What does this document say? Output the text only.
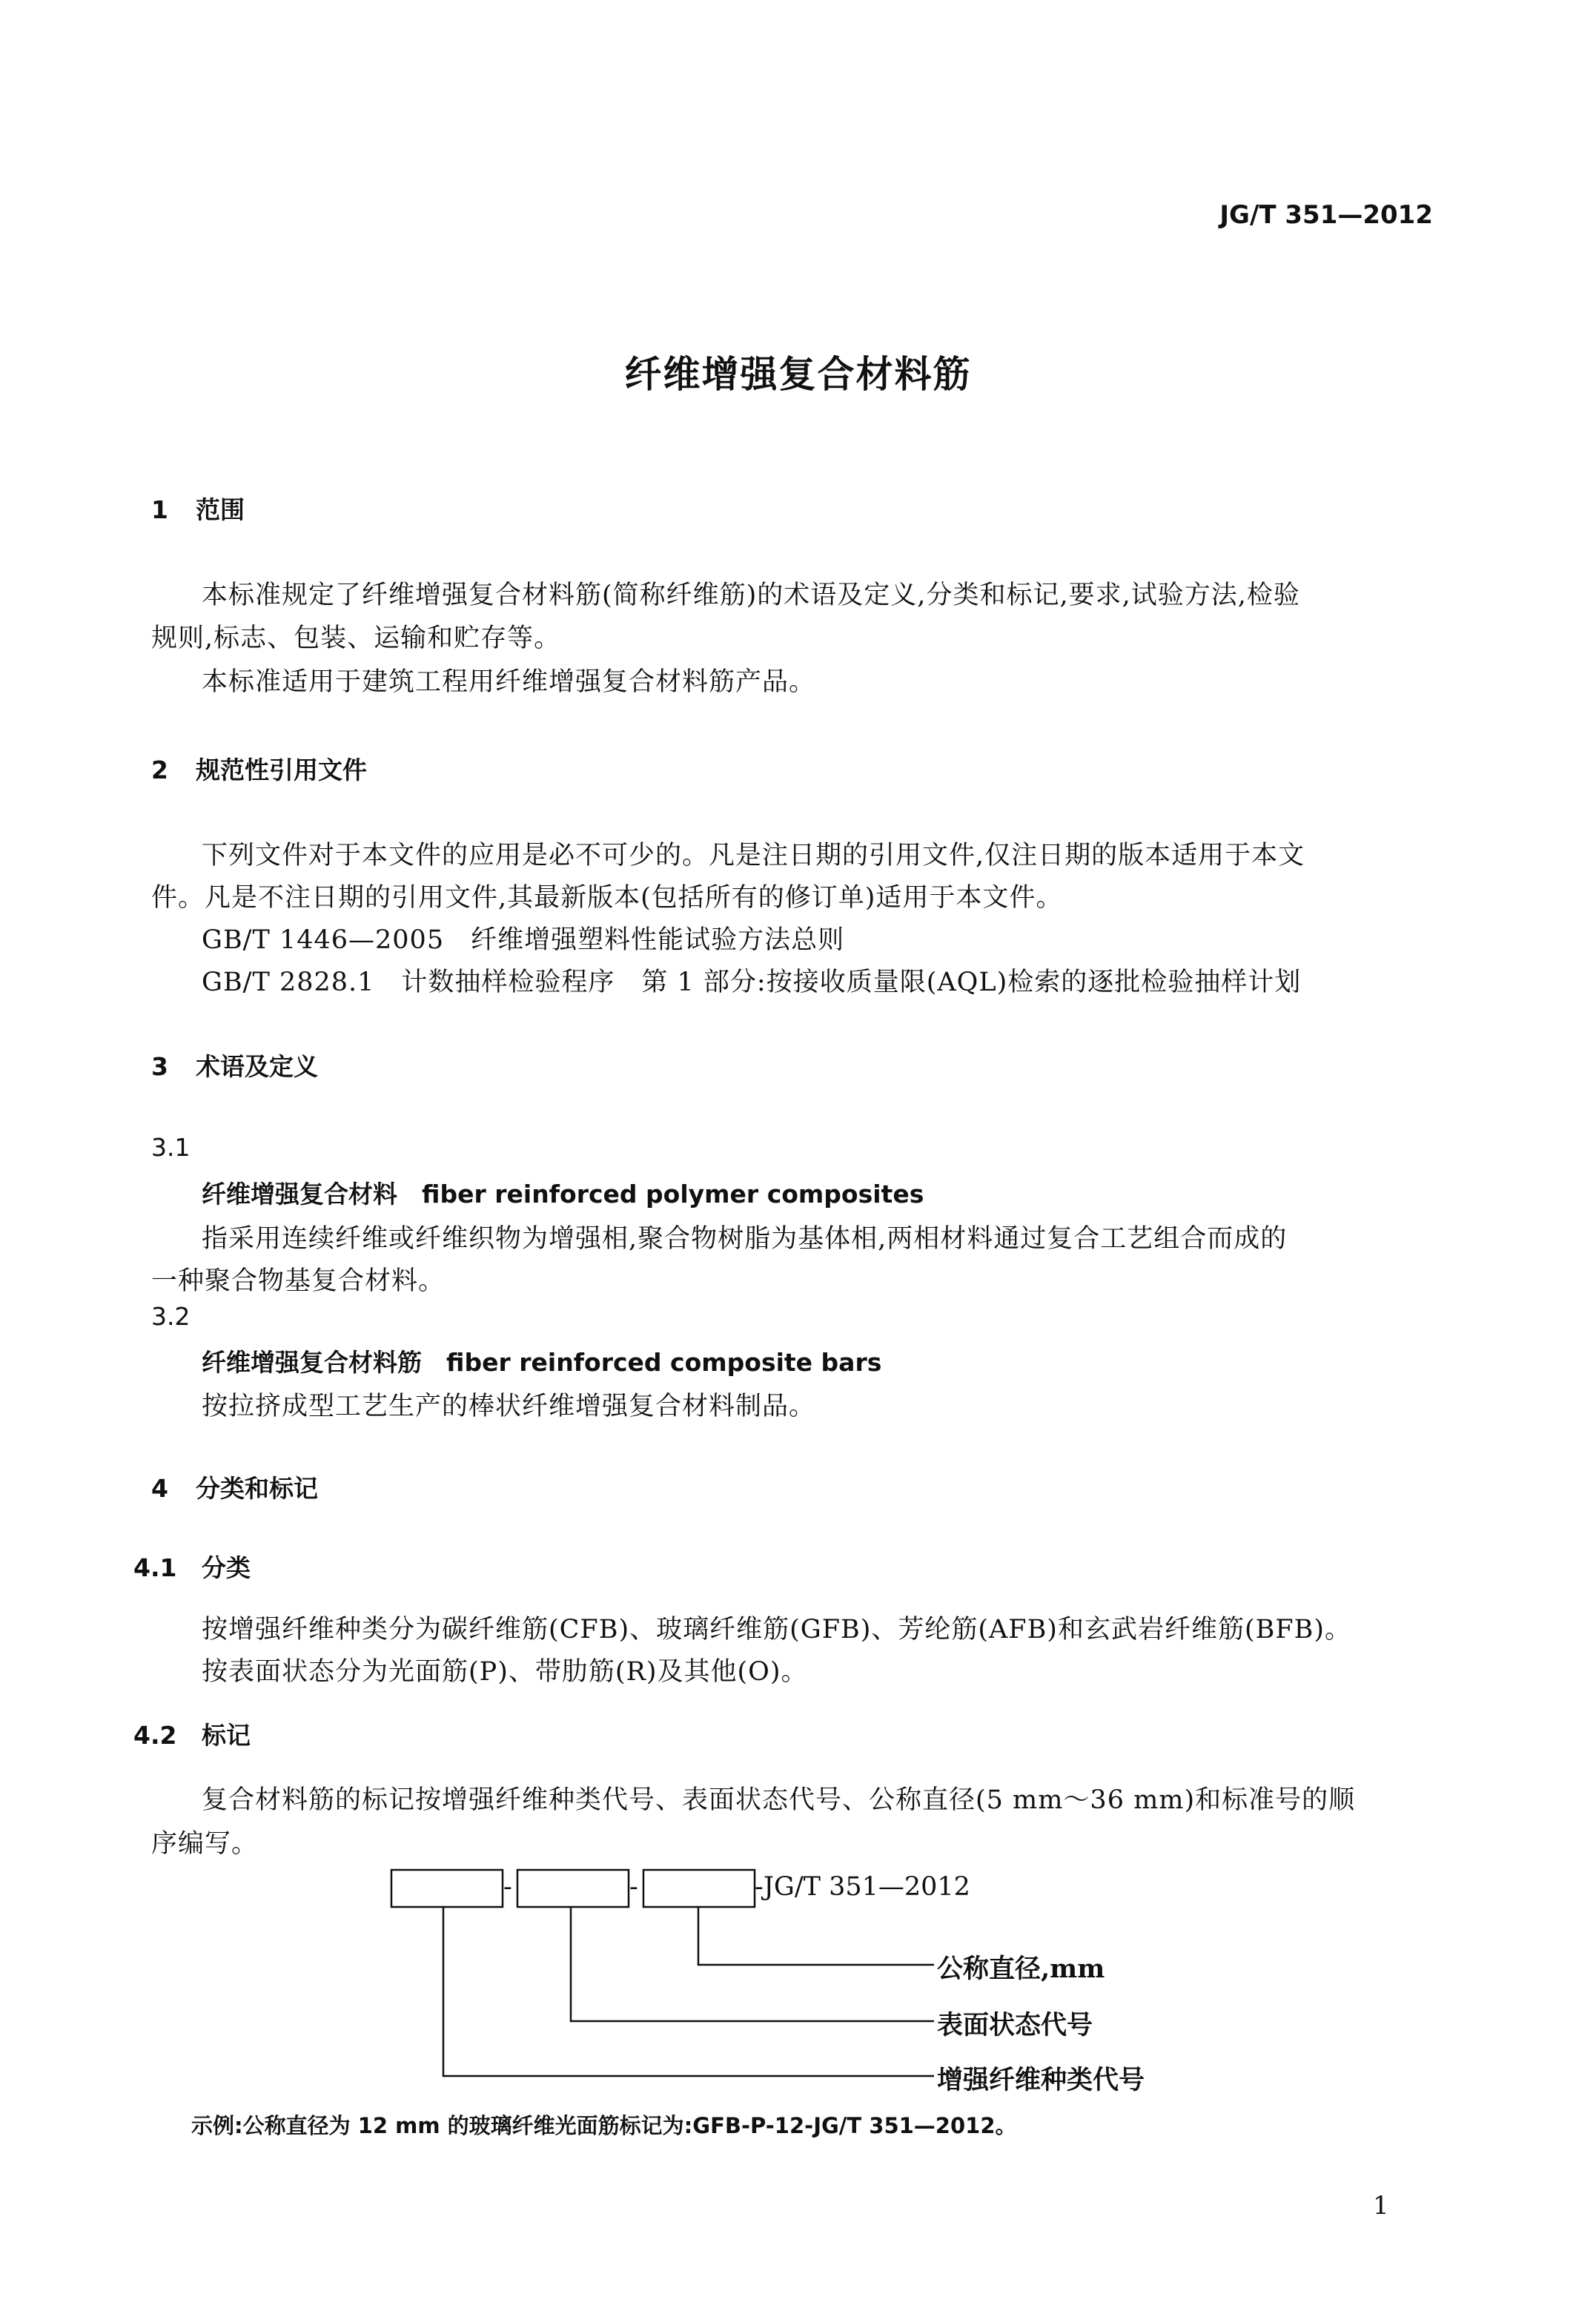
JG/T 351—2012
纤维增强复合材料筋
1 范围
本标准规定了纤维增强复合材料筋(简称纤维筋)的术语及定义,分类和标记,要求,试验方法,检验
规则,标志、包装、运输和贮存等。
本标准适用于建筑工程用纤维增强复合材料筋产品。
2 规范性引用文件
下列文件对于本文件的应用是必不可少的。凡是注日期的引用文件,仅注日期的版本适用于本文
件。凡是不注日期的引用文件,其最新版本(包括所有的修订单)适用于本文件。
GB/T 1446—2005　纤维增强塑料性能试验方法总则
GB/T 2828.1　计数抽样检验程序　第 1 部分:按接收质量限(AQL)检索的逐批检验抽样计划
3 术语及定义
3.1
纤维增强复合材料　fiber reinforced polymer composites
指采用连续纤维或纤维织物为增强相,聚合物树脂为基体相,两相材料通过复合工艺组合而成的
一种聚合物基复合材料。
3.2
纤维增强复合材料筋　fiber reinforced composite bars
按拉挤成型工艺生产的棒状纤维增强复合材料制品。
4 分类和标记
4.1 分类
按增强纤维种类分为碳纤维筋(CFB)、玻璃纤维筋(GFB)、芳纶筋(AFB)和玄武岩纤维筋(BFB)。
按表面状态分为光面筋(P)、带肋筋(R)及其他(O)。
4.2 标记
复合材料筋的标记按增强纤维种类代号、表面状态代号、公称直径(5 mm～36 mm)和标准号的顺
序编写。
-	-	-JG/T 351—2012
公称直径,mm
表面状态代号
增强纤维种类代号
示例:公称直径为 12 mm 的玻璃纤维光面筋标记为:GFB-P-12-JG/T 351—2012。
1
